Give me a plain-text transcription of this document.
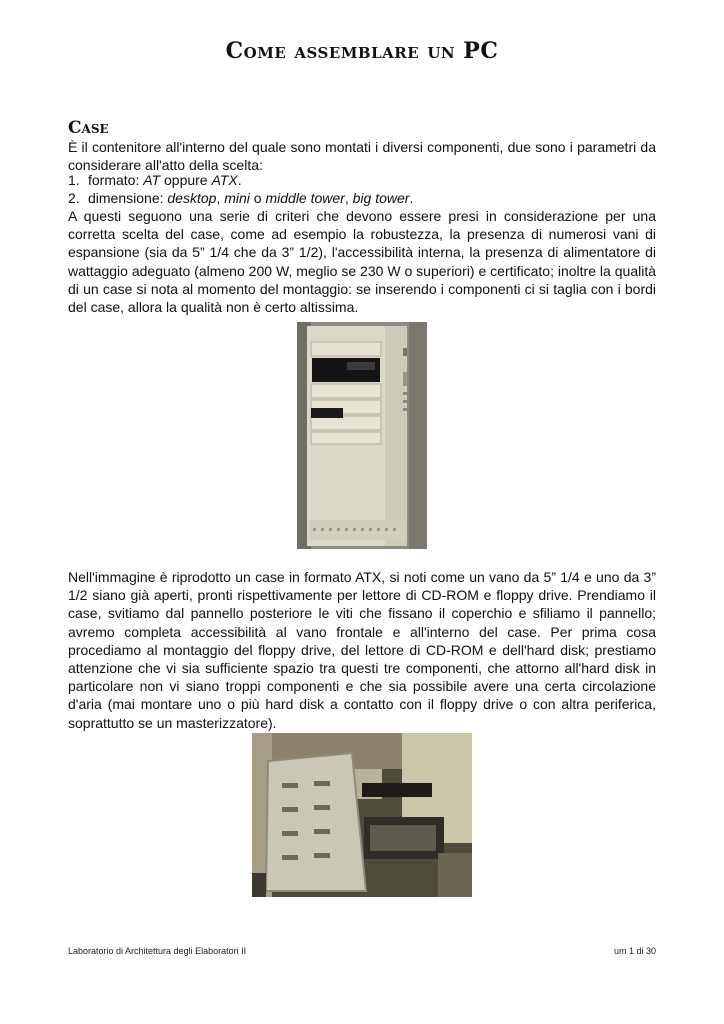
Come assemblare un PC
Case
È il contenitore all'interno del quale sono montati i diversi componenti, due sono i parametri da considerare all'atto della scelta:
1. formato: AT oppure ATX.
2. dimensione: desktop, mini o middle tower, big tower.
A questi seguono una serie di criteri che devono essere presi in considerazione per una corretta scelta del case, come ad esempio la robustezza, la presenza di numerosi vani di espansione (sia da 5” 1/4 che da 3” 1/2), l'accessibilità interna, la presenza di alimentatore di wattaggio adeguato (almeno 200 W, meglio se 230 W o superiori) e certificato; inoltre la qualità di un case si nota al momento del montaggio: se inserendo i componenti ci si taglia con i bordi del case, allora la qualità non è certo altissima.
Nell'immagine è riprodotto un case in formato ATX, si noti come un vano da 5” 1/4 e uno da 3” 1/2 siano già aperti, pronti rispettivamente per lettore di CD-ROM e floppy drive. Prendiamo il case, svitiamo dal pannello posteriore le viti che fissano il coperchio e sfiliamo il pannello; avremo completa accessibilità al vano frontale e all'interno del case. Per prima cosa procediamo al montaggio del floppy drive, del lettore di CD-ROM e dell'hard disk; prestiamo attenzione che vi sia sufficiente spazio tra questi tre componenti, che attorno all'hard disk in particolare non vi siano troppi componenti e che sia possibile avere una certa circolazione d'aria (mai montare uno o più hard disk a contatto con il floppy drive o con altra periferica, soprattutto se un masterizzatore).
Laboratorio di Architettura degli Elaboratori II	um 1 di 30
